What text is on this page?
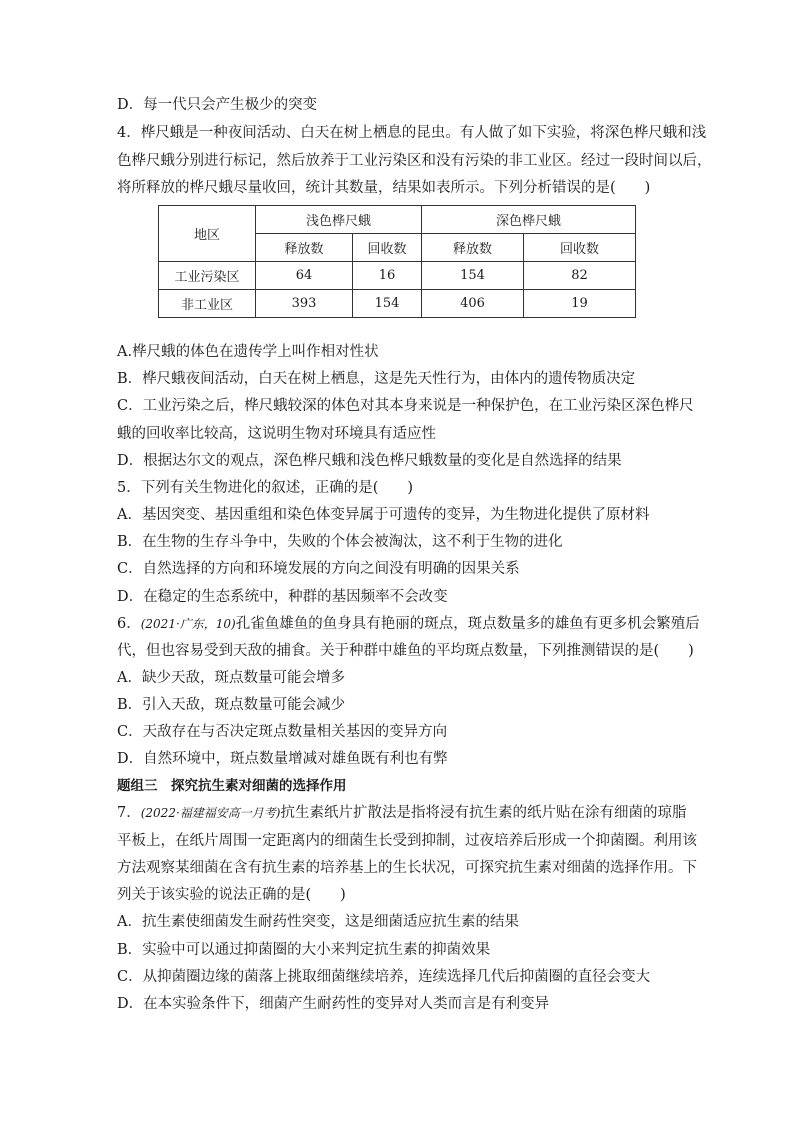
D．每一代只会产生极少的突变
4．桦尺蛾是一种夜间活动、白天在树上栖息的昆虫。有人做了如下实验，将深色桦尺蛾和浅
色桦尺蛾分别进行标记，然后放养于工业污染区和没有污染的非工业区。经过一段时间以后，
将所释放的桦尺蛾尽量收回，统计其数量，结果如表所示。下列分析错误的是(　　)
地区	浅色桦尺蛾		深色桦尺蛾	
	释放数	回收数	释放数	回收数
工业污染区	64	16	154	82
非工业区	393	154	406	19
A.桦尺蛾的体色在遗传学上叫作相对性状
B．桦尺蛾夜间活动，白天在树上栖息，这是先天性行为，由体内的遗传物质决定
C．工业污染之后，桦尺蛾较深的体色对其本身来说是一种保护色，在工业污染区深色桦尺
蛾的回收率比较高，这说明生物对环境具有适应性
D．根据达尔文的观点，深色桦尺蛾和浅色桦尺蛾数量的变化是自然选择的结果
5．下列有关生物进化的叙述，正确的是(　　)
A．基因突变、基因重组和染色体变异属于可遗传的变异，为生物进化提供了原材料
B．在生物的生存斗争中，失败的个体会被淘汰，这不利于生物的进化
C．自然选择的方向和环境发展的方向之间没有明确的因果关系
D．在稳定的生态系统中，种群的基因频率不会改变
6．(2021·广东，10)孔雀鱼雄鱼的鱼身具有艳丽的斑点，斑点数量多的雄鱼有更多机会繁殖后
代，但也容易受到天敌的捕食。关于种群中雄鱼的平均斑点数量，下列推测错误的是(　　)
A．缺少天敌，斑点数量可能会增多
B．引入天敌，斑点数量可能会减少
C．天敌存在与否决定斑点数量相关基因的变异方向
D．自然环境中，斑点数量增减对雄鱼既有利也有弊
题组三　探究抗生素对细菌的选择作用
7．(2022·福建福安高一月考)抗生素纸片扩散法是指将浸有抗生素的纸片贴在涂有细菌的琼脂
平板上，在纸片周围一定距离内的细菌生长受到抑制，过夜培养后形成一个抑菌圈。利用该
方法观察某细菌在含有抗生素的培养基上的生长状况，可探究抗生素对细菌的选择作用。下
列关于该实验的说法正确的是(　　)
A．抗生素使细菌发生耐药性突变，这是细菌适应抗生素的结果
B．实验中可以通过抑菌圈的大小来判定抗生素的抑菌效果
C．从抑菌圈边缘的菌落上挑取细菌继续培养，连续选择几代后抑菌圈的直径会变大
D．在本实验条件下，细菌产生耐药性的变异对人类而言是有利变异
